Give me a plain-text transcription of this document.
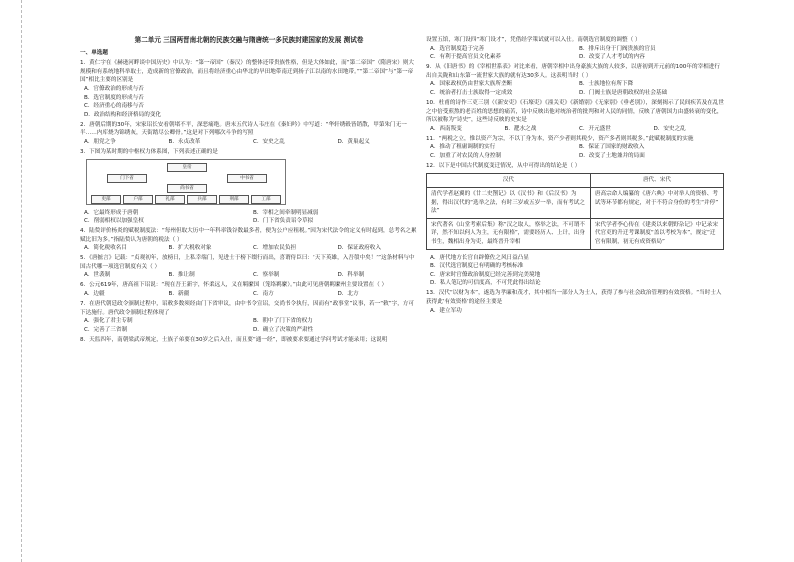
第二单元 三国两晋南北朝的民族交融与隋唐统一多民族封建国家的发展 测试卷
一、单选题
1．黄仁宇在《赫逊河畔谈中国历史》中认为：“第一帝国”（秦汉）的整体还带贵族性格，但是大体如此，而“第二帝国”（隋唐宋）则大规模和有系统地科举取士，造成新的官僚政治，而且将经济重心由华北的旱田地带南迁到扬子江以南的水田地带。”“第二帝国”与“第一帝国”相比主要的区别是
A．官僚政治的形成与否
B．选官制度的形成与否
C．经济重心的南移与否
D．政治结构和经济格局的变化
2．唐朝后期的30年，宋家诏长安看朝堵不平，深恶痛绝。唐末五代诗人韦庄在《秦妇吟》中写道：“华轩绣毂皆销散，甲第朱门无一半……内库烧为锦绣灰，天街踏尽公卿骨。”这是对下列哪次斗争的写照
A．朋党之争	B．永贞改革	C．安史之乱	D．黄巢起义
3．下图为某时期的中枢权力体系图，下列表述正确的是
皇帝
门下省	中书省
尚书省
吏部	户部	礼部	兵部	刑部	工部
A．它最终形成于唐朝	B．宰相之间牵制明显减弱
C．削弱相权以加强皇权	D．门下省负责诏令草拟
4．陆贽评价杨炎的赋税制度法：“每州但取大历中一年科率钱谷数最多者，便为公户应租税。”因为宋代法令的定义有时起到，总考名之累赋比旧为多。”指陆贽认为唐朝的税法（ ）
A．简化税收名目	B．扩大税收对象	C．增加农民负担	D．保证政府收入
5．《唐摭言》记载：“贞观初年，放榜日，上私幸端门，见进士于榜下缀行而出，喜谓侍臣曰：‘天下英雄，入吾彀中矣！’”这条材料与中国古代哪一项选官制度有关（ ）
A．世袭制	B．推让制	C．察举制	D．科举制
6．公元619年，唐高祖下诏说：“现在吾王新宇，怀柔远人，义在羁縻国（笼络羁縻）。”由此可见唐朝羁縻州主要设置在（ ）
A．边疆	B．新疆	C．南方	D．北方
7．在唐代朝廷政令颁制过程中，诏敕多数须经由门下省审议，由中书令宣诏，交尚书令执行，因而有“政事堂”议事，若一“敕”字，方可下达施行。唐代政令颁制过程体现了
A．强化了君主专制	B．朝中了门下省的权力
C．完善了三省制	D．确立了决策的严肃性
8．天监四年，南朝梁武帝规定，士族子弟要在30岁之后入仕，而且要“通一经”，即被要求要通过学问考试才能录用；这说明
设置五馆，寒门设四“寒门设才”，凭借经学策试就可以入仕。南朝选官制度的调整（ ）
A．选官制度趋于完善	B．排斥出身于门阀贵族的官员
C．有利于提高官员文化素养	D．改变了人才考试的内容
9．从《旧唐书》的《宰相世系表》对比来看，唐朝宰相中出身豪族大族的人较多，以唐初到开元前的100年的宰相进行出自关陇和山东第一流世家大族的就有达30多人。这表明当时（ ）
A．国家政权仍由世家大族所垄断	B．士族地位有所下降
C．统治者打击士族取得一定成效	D．门阀士族是唐朝政权的社会基础
10．杜甫的诗作三吏三别（《新安吏》《石壕吏》《潼关吏》《新婚别》《无家别》《垂老别》），深刻揭示了民间疾苦及在乱世之中倍受煎熬的老百姓的思想的痛苦，诗中反映出他对统治者的批判和对人民的同情，反映了唐朝国力由盛转衰的变化，所以被称为“诗史”，这些诗反映的史实是
A．西南叛变	B．淝水之战	C．开元盛世	D．安史之乱
11．“两税之立，惟以资产为宗，不以丁身为本，资产少者则其税少，资产多者则其税多。”此赋税制度的实施
A．推动了租庸调制的实行	B．保证了国家的财政收入
C．加重了对农民的人身控制	D．改变了土地兼并的局面
12．以下是中国古代制度变迁情况，从中可得出的结论是（ ）
汉代	唐代、宋代
清代学者赵翼的《廿二史劄记》以《汉书》和《后汉书》为据，得出汉代的“选举之法，有时三岁或五岁一举，而有考试之法”	唐高宗命人编纂的《唐六典》中对举人的资格、考试等环节都有规定，对于不符合身份的考生“并停”
宋代著名《山堂考索后集》称“汉之取人，察举之法，不可谓不详，然不知以何人为主，无有限格”，需要经历人、上计，出身书生，魏相出身为吏，最终晋升宰相	宋代学者李心传在《建炎以来朝野杂记》中记录宋代官吏的升迁考课制度“盖以考校为本”，规定“迁官有限制，初无有成资格局”
A．唐代地方长官自辟僚佐之风日益凸显
B．汉代选官制度已有明确的考核标准
C．唐宋时官僚政治制度已经完善到完美境地
D．私人笔记的可信度高，不可凭此得出结论
13．汉代“以财为本”，遂选为孝廉和茂才，其中相当一部分人为士人，获得了参与社会政治管理的有效资格。“当时士人获得此‘有效资格’的途径主要是
A．建立军功
